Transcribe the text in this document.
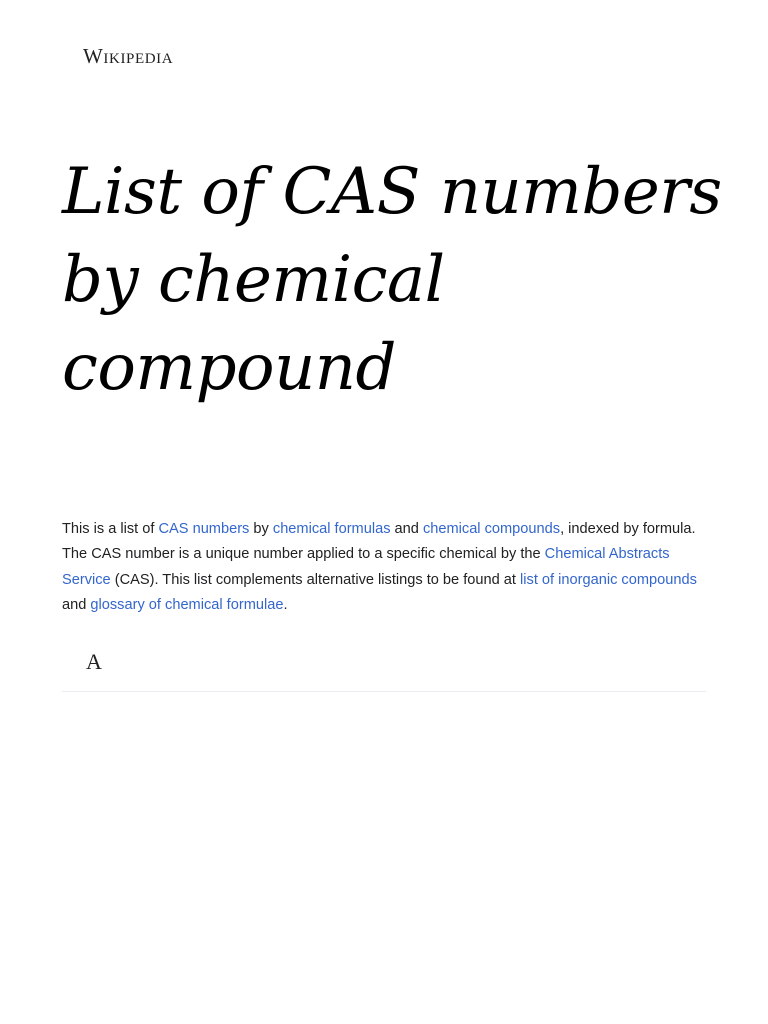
Wikipedia
List of CAS numbers by chemical compound

This is a list of CAS numbers by chemical formulas and chemical compounds, indexed by formula. The CAS number is a unique number applied to a specific chemical by the Chemical Abstracts Service (CAS). This list complements alternative listings to be found at list of inorganic compounds and glossary of chemical formulae.

A
